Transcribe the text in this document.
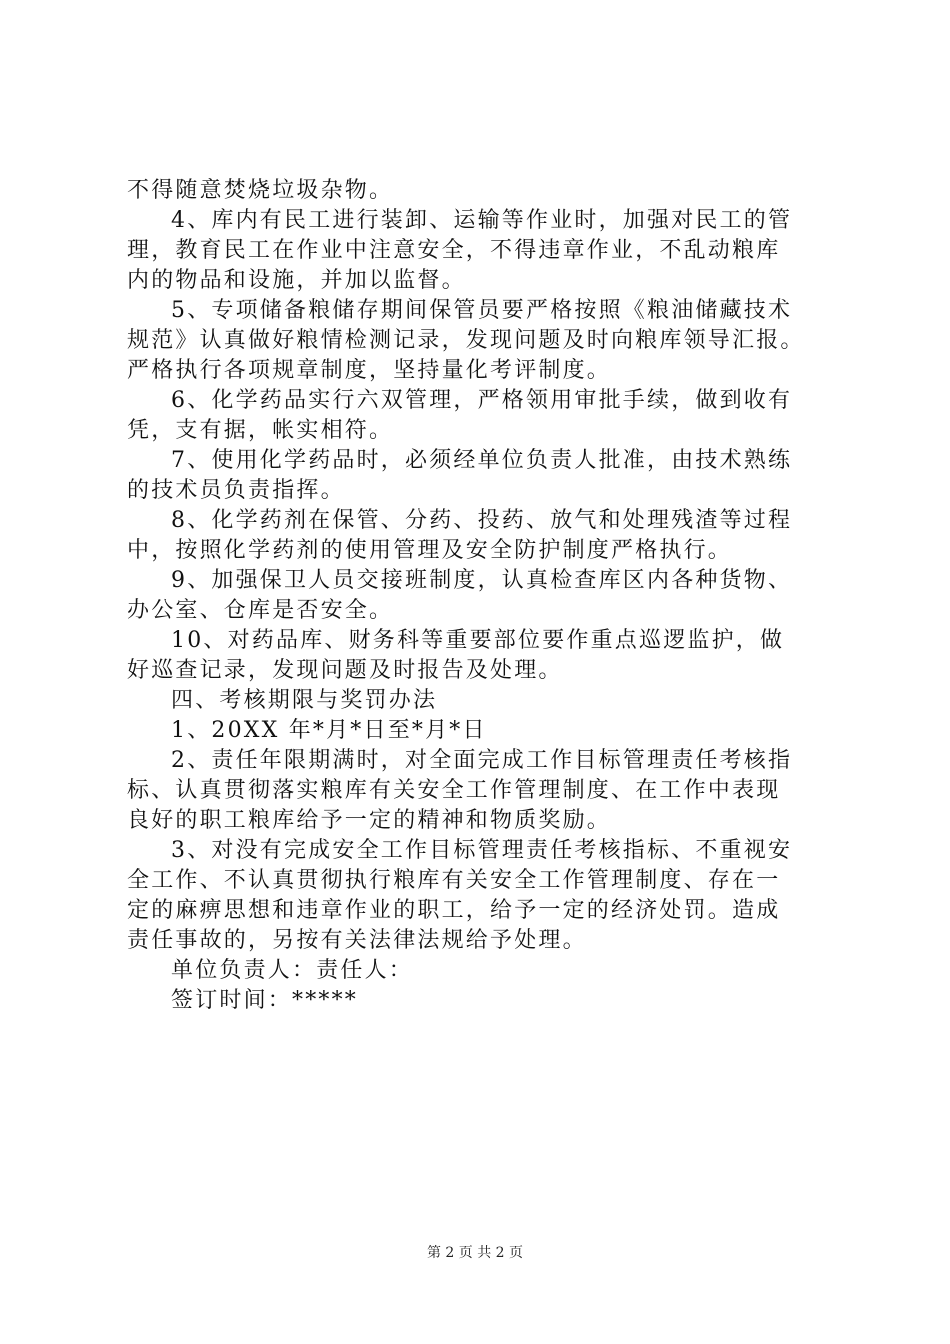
不得随意焚烧垃圾杂物。
4、库内有民工进行装卸、运输等作业时，加强对民工的管
理，教育民工在作业中注意安全，不得违章作业，不乱动粮库
内的物品和设施，并加以监督。
5、专项储备粮储存期间保管员要严格按照《粮油储藏技术
规范》认真做好粮情检测记录，发现问题及时向粮库领导汇报。
严格执行各项规章制度，坚持量化考评制度。
6、化学药品实行六双管理，严格领用审批手续，做到收有
凭，支有据，帐实相符。
7、使用化学药品时，必须经单位负责人批准，由技术熟练
的技术员负责指挥。
8、化学药剂在保管、分药、投药、放气和处理残渣等过程
中，按照化学药剂的使用管理及安全防护制度严格执行。
9、加强保卫人员交接班制度，认真检查库区内各种货物、
办公室、仓库是否安全。
10、对药品库、财务科等重要部位要作重点巡逻监护，做
好巡查记录，发现问题及时报告及处理。
四、考核期限与奖罚办法
1、20XX 年*月*日至*月*日
2、责任年限期满时，对全面完成工作目标管理责任考核指
标、认真贯彻落实粮库有关安全工作管理制度、在工作中表现
良好的职工粮库给予一定的精神和物质奖励。
3、对没有完成安全工作目标管理责任考核指标、不重视安
全工作、不认真贯彻执行粮库有关安全工作管理制度、存在一
定的麻痹思想和违章作业的职工，给予一定的经济处罚。造成
责任事故的，另按有关法律法规给予处理。
单位负责人：责任人：
签订时间：*****
第 2 页 共 2 页
